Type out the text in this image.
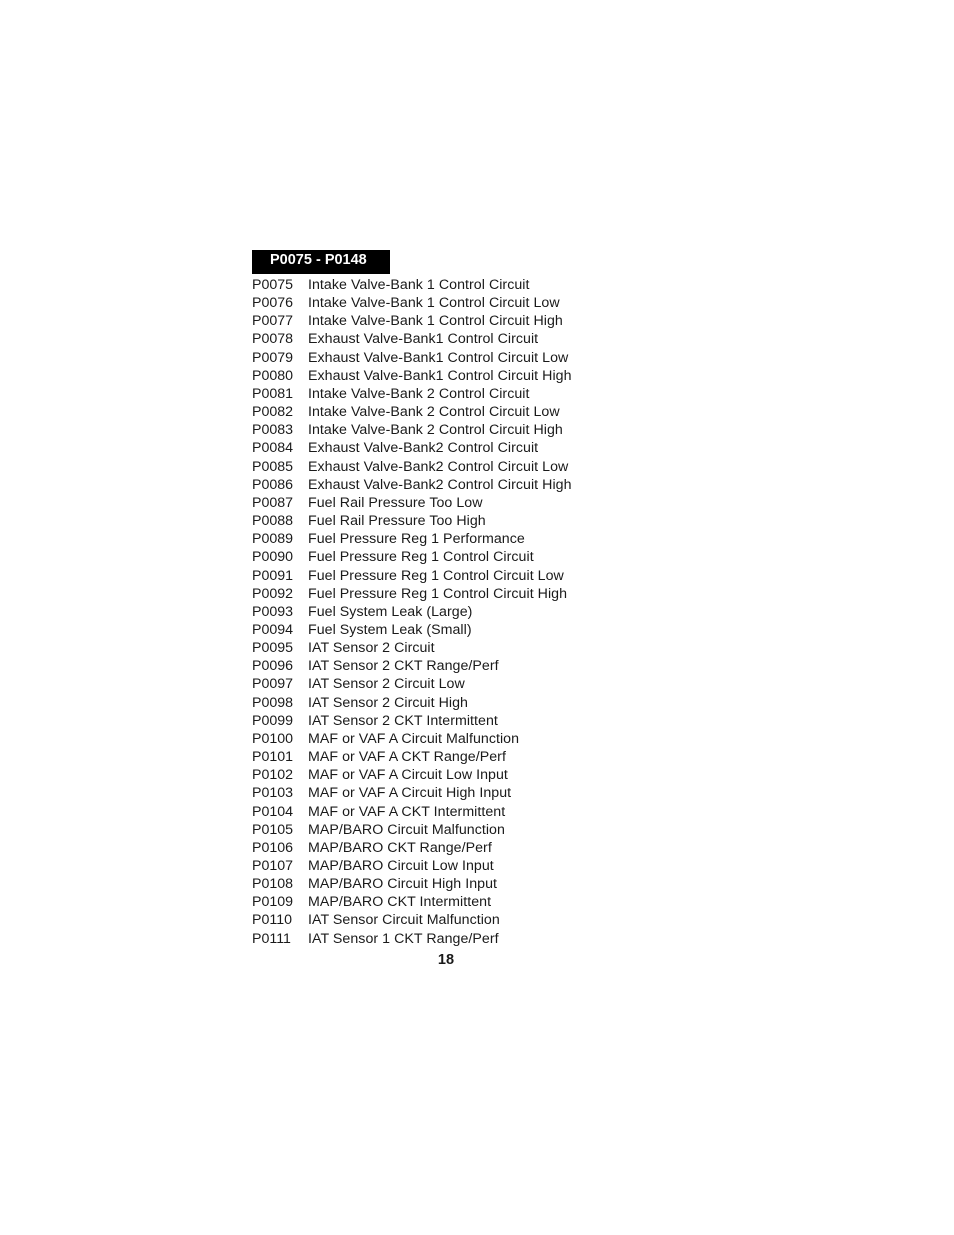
P0075 - P0148
P0075	Intake Valve-Bank 1 Control Circuit
P0076	Intake Valve-Bank 1 Control Circuit Low
P0077	Intake Valve-Bank 1 Control Circuit High
P0078	Exhaust Valve-Bank1 Control Circuit
P0079	Exhaust Valve-Bank1 Control Circuit Low
P0080	Exhaust Valve-Bank1 Control Circuit High
P0081	Intake Valve-Bank 2 Control Circuit
P0082	Intake Valve-Bank 2 Control Circuit Low
P0083	Intake Valve-Bank 2 Control Circuit High
P0084	Exhaust Valve-Bank2 Control Circuit
P0085	Exhaust Valve-Bank2 Control Circuit Low
P0086	Exhaust Valve-Bank2 Control Circuit High
P0087	Fuel Rail Pressure Too Low
P0088	Fuel Rail Pressure Too High
P0089	Fuel Pressure Reg 1 Performance
P0090	Fuel Pressure Reg 1 Control Circuit
P0091	Fuel Pressure Reg 1 Control Circuit Low
P0092	Fuel Pressure Reg 1 Control Circuit High
P0093	Fuel System Leak (Large)
P0094	Fuel System Leak (Small)
P0095	IAT Sensor 2 Circuit
P0096	IAT Sensor 2 CKT Range/Perf
P0097	IAT Sensor 2 Circuit Low
P0098	IAT Sensor 2 Circuit High
P0099	IAT Sensor 2 CKT Intermittent
P0100	MAF or VAF A Circuit Malfunction
P0101	MAF or VAF A CKT Range/Perf
P0102	MAF or VAF A Circuit Low Input
P0103	MAF or VAF A Circuit High Input
P0104	MAF or VAF A CKT Intermittent
P0105	MAP/BARO Circuit Malfunction
P0106	MAP/BARO CKT Range/Perf
P0107	MAP/BARO Circuit Low Input
P0108	MAP/BARO Circuit High Input
P0109	MAP/BARO CKT Intermittent
P0110	IAT Sensor Circuit Malfunction
P0111	IAT Sensor 1 CKT Range/Perf
18
